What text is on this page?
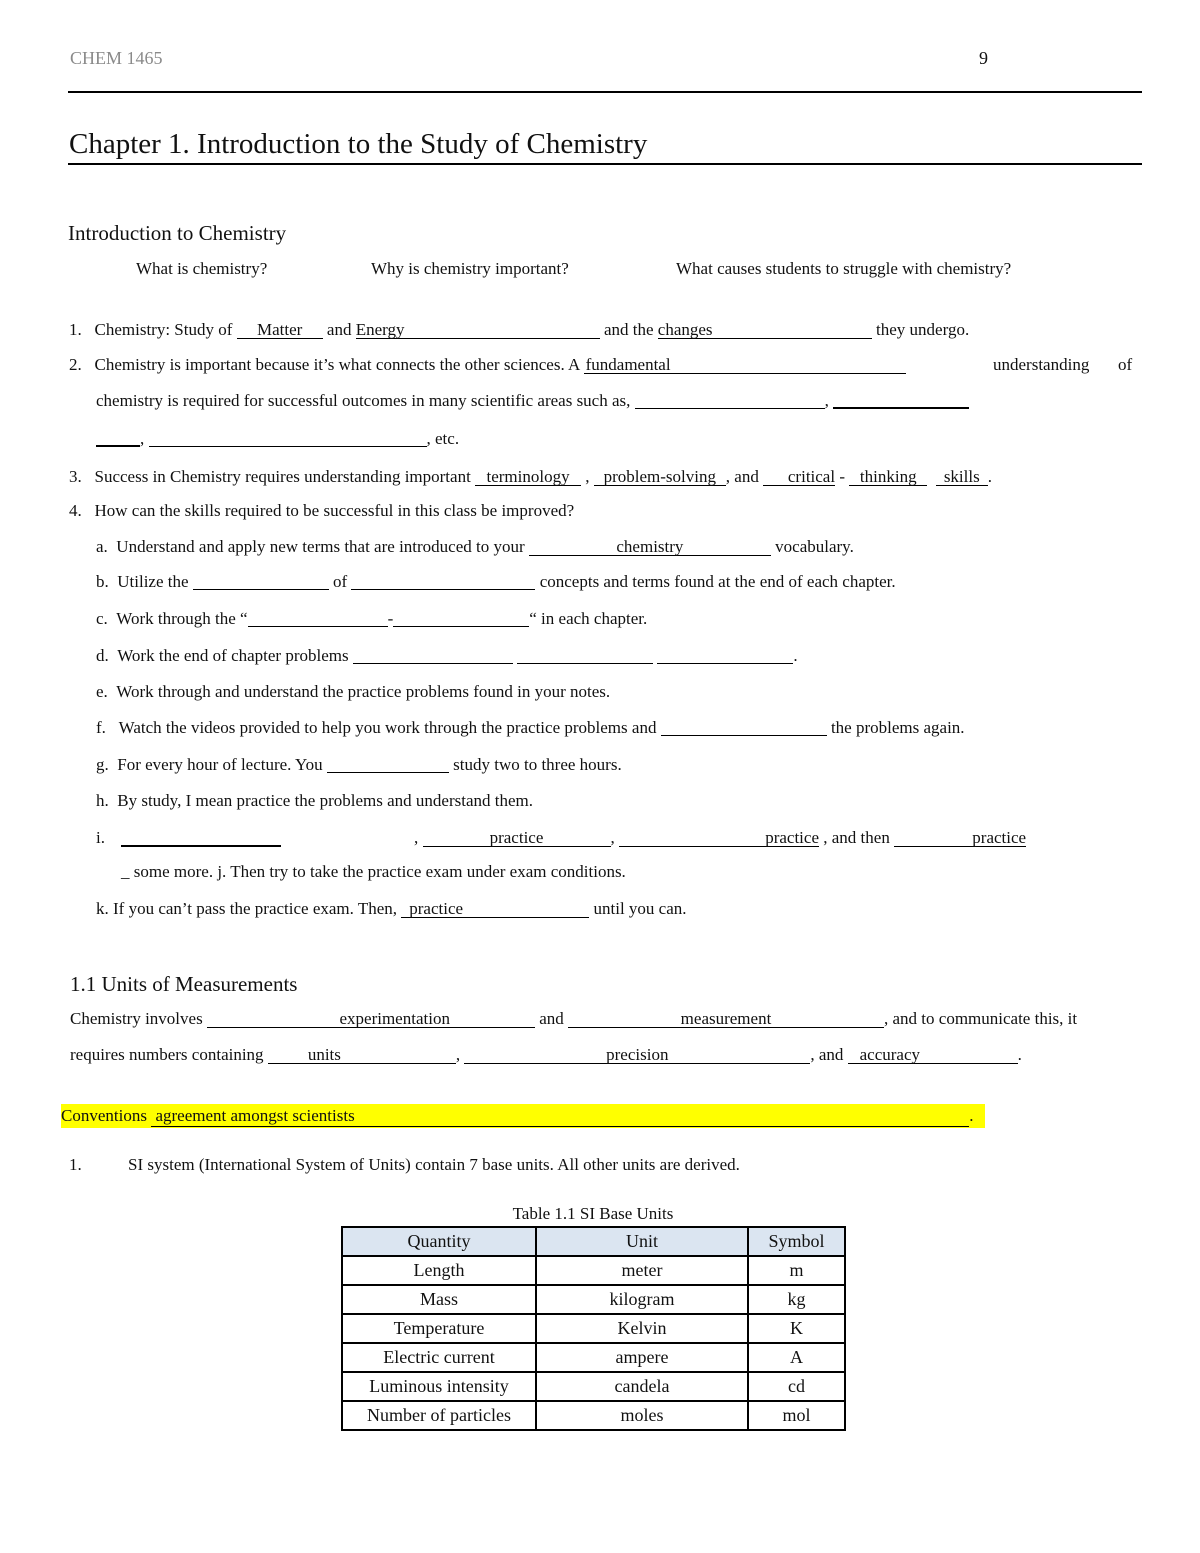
CHEM 1465	9
Chapter 1. Introduction to the Study of Chemistry
Introduction to Chemistry
What is chemistry?	Why is chemistry important?	What causes students to struggle with chemistry?
1. Chemistry: Study of Matter and Energy	and the changes	they undergo.
2. Chemistry is important because it’s what connects the other sciences. A fundamental	understanding of
chemistry is required for successful outcomes in many scientific areas such as,	,
,	, etc.
3. Success in Chemistry requires understanding important terminology , problem-solving , and critical - thinking skills .
4. How can the skills required to be successful in this class be improved?
a. Understand and apply new terms that are introduced to your	chemistry	vocabulary.
b. Utilize the	of	concepts and terms found at the end of each chapter.
c. Work through the “	-	“ in each chapter.
d. Work the end of chapter problems	.
e. Work through and understand the practice problems found in your notes.
f. Watch the videos provided to help you work through the practice problems and	the problems again.
g. For every hour of lecture. You	study two to three hours.
h. By study, I mean practice the problems and understand them.
i.	,	practice	,	practice , and then	practice
_ some more. j. Then try to take the practice exam under exam conditions.
k. If you can’t pass the practice exam. Then, practice	until you can.
1.1 Units of Measurements
Chemistry involves	experimentation	and	measurement	, and to communicate this, it
requires numbers containing units	,	precision	, and accuracy	.
Conventions  agreement amongst scientists	.
1.	SI system (International System of Units) contain 7 base units. All other units are derived.
Table 1.1 SI Base Units
Quantity	Unit	Symbol
Length	meter	m
Mass	kilogram	kg
Temperature	Kelvin	K
Electric current	ampere	A
Luminous intensity	candela	cd
Number of particles	moles	mol
